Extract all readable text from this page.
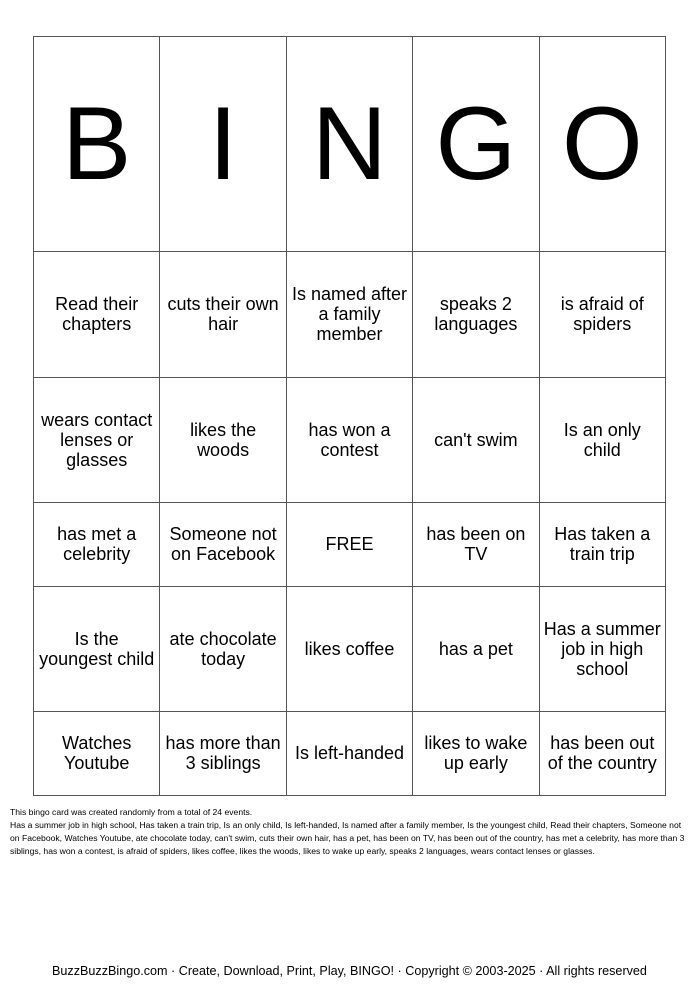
B	I	N	G	O
Read their chapters	cuts their own hair	Is named after a family member	speaks 2 languages	is afraid of spiders
wears contact lenses or glasses	likes the woods	has won a contest	can't swim	Is an only child
has met a celebrity	Someone not on Facebook	FREE	has been on TV	Has taken a train trip
Is the youngest child	ate chocolate today	likes coffee	has a pet	Has a summer job in high school
Watches Youtube	has more than 3 siblings	Is left-handed	likes to wake up early	has been out of the country

This bingo card was created randomly from a total of 24 events.

Has a summer job in high school, Has taken a train trip, Is an only child, Is left-handed, Is named after a family member, Is the youngest child, Read their chapters, Someone not on Facebook, Watches Youtube, ate chocolate today, can't swim, cuts their own hair, has a pet, has been on TV, has been out of the country, has met a celebrity, has more than 3 siblings, has won a contest, is afraid of spiders, likes coffee, likes the woods, likes to wake up early, speaks 2 languages, wears contact lenses or glasses.

BuzzBuzzBingo.com · Create, Download, Print, Play, BINGO! · Copyright © 2003-2025 · All rights reserved
